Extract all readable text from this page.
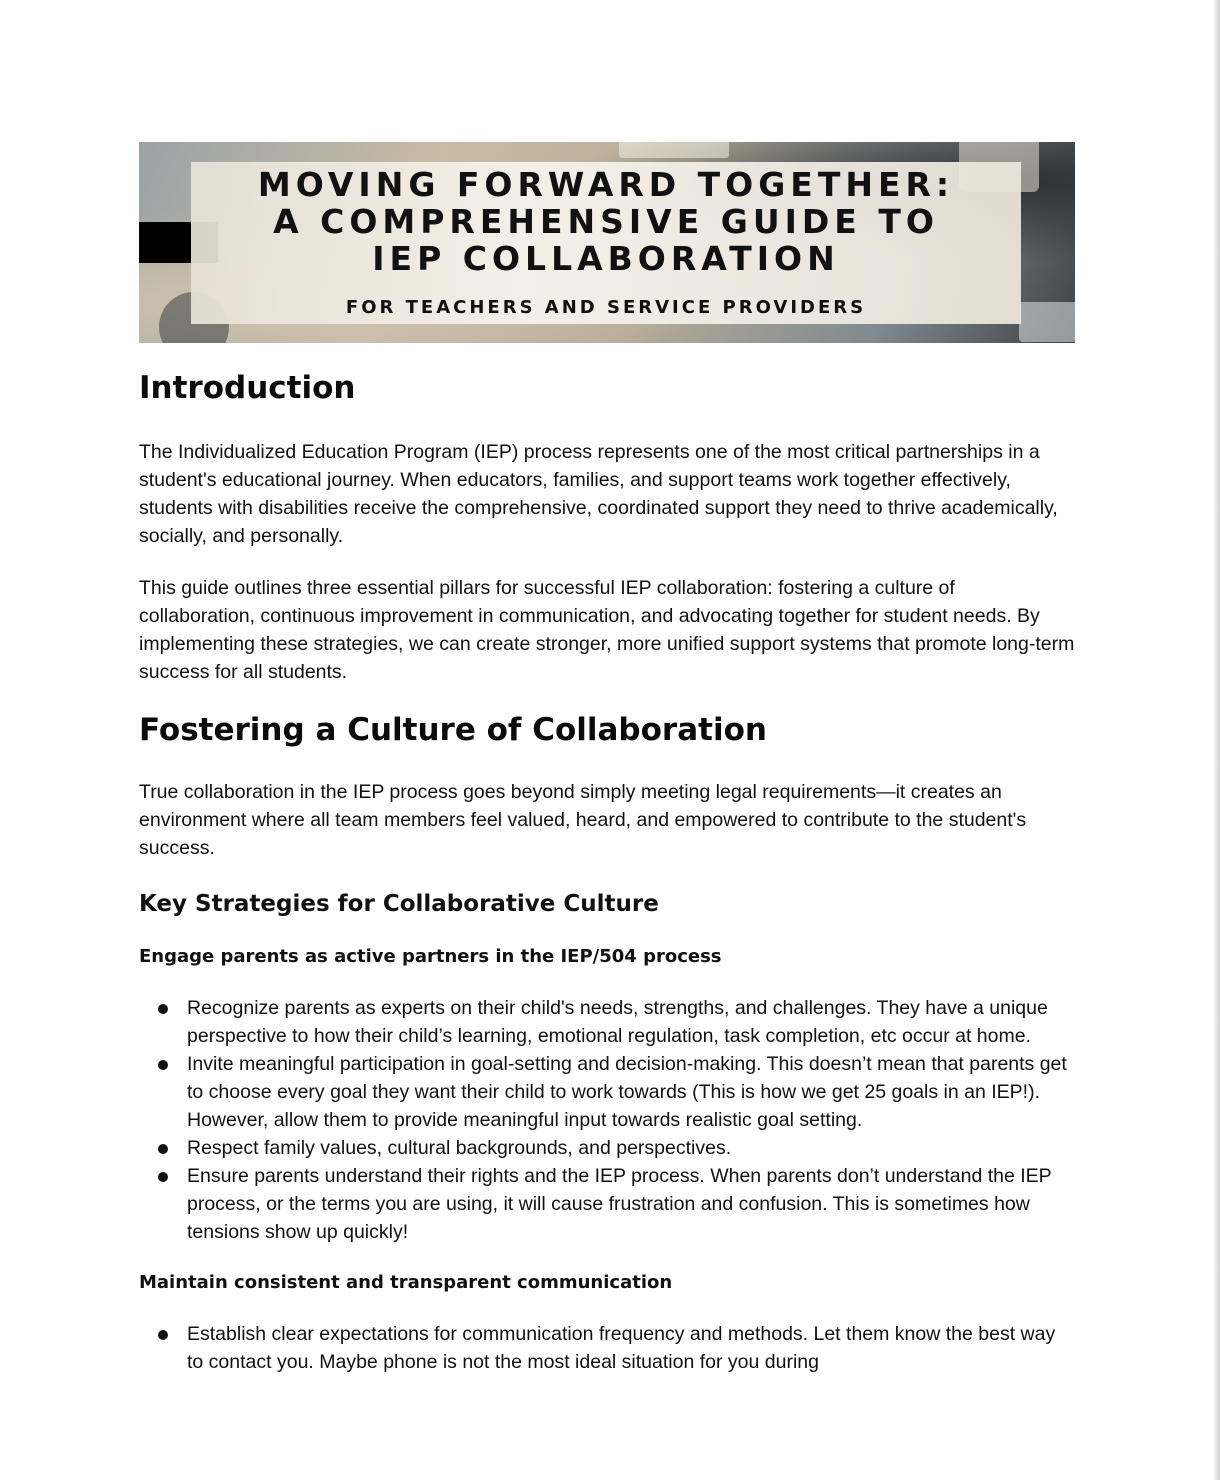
MOVING FORWARD TOGETHER:
A COMPREHENSIVE GUIDE TO
IEP COLLABORATION
FOR TEACHERS AND SERVICE PROVIDERS
Introduction

The Individualized Education Program (IEP) process represents one of the most critical partnerships in a student's educational journey. When educators, families, and support teams work together effectively, students with disabilities receive the comprehensive, coordinated support they need to thrive academically, socially, and personally.

This guide outlines three essential pillars for successful IEP collaboration: fostering a culture of collaboration, continuous improvement in communication, and advocating together for student needs. By implementing these strategies, we can create stronger, more unified support systems that promote long-term success for all students.

Fostering a Culture of Collaboration

True collaboration in the IEP process goes beyond simply meeting legal requirements—it creates an environment where all team members feel valued, heard, and empowered to contribute to the student's success.

Key Strategies for Collaborative Culture
Engage parents as active partners in the IEP/504 process
Recognize parents as experts on their child's needs, strengths, and challenges. They have a unique perspective to how their child’s learning, emotional regulation, task completion, etc occur at home.
Invite meaningful participation in goal-setting and decision-making. This doesn’t mean that parents get to choose every goal they want their child to work towards (This is how we get 25 goals in an IEP!). However, allow them to provide meaningful input towards realistic goal setting.
Respect family values, cultural backgrounds, and perspectives.
Ensure parents understand their rights and the IEP process. When parents don’t understand the IEP process, or the terms you are using, it will cause frustration and confusion. This is sometimes how tensions show up quickly!
Maintain consistent and transparent communication
Establish clear expectations for communication frequency and methods. Let them know the best way to contact you. Maybe phone is not the most ideal situation for you during
